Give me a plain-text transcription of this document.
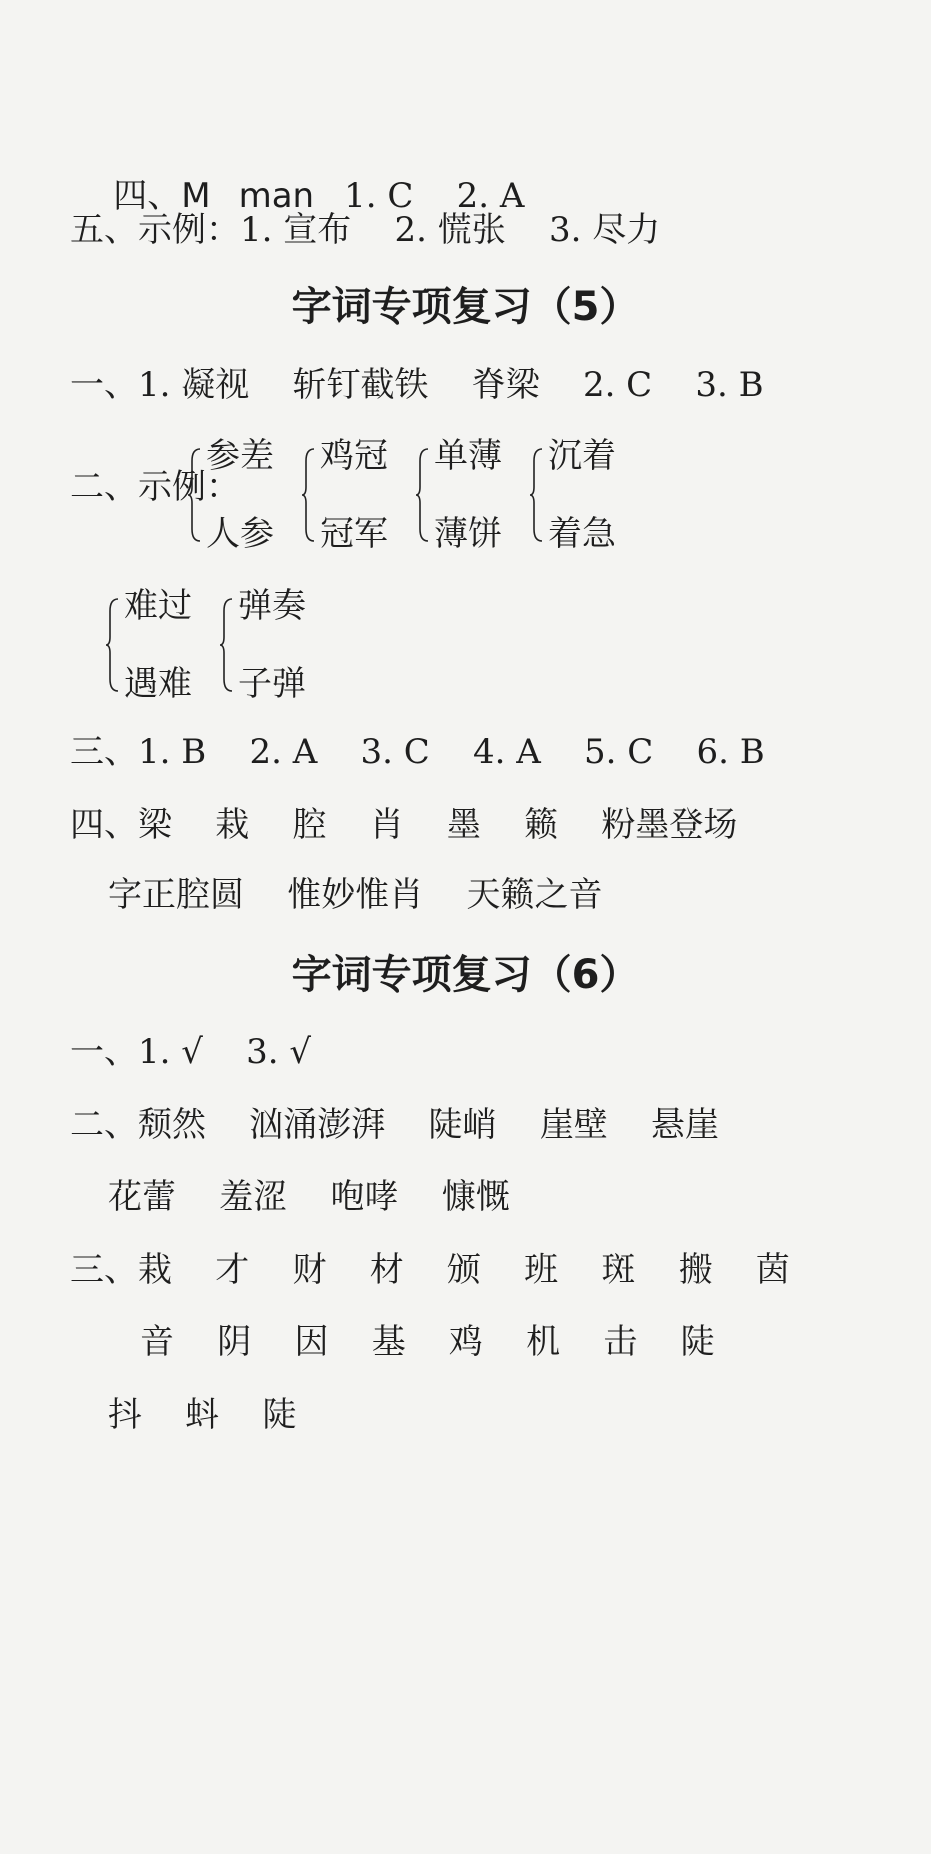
四、M man 1. C    2. A

五、示例：1. 宣布    2. 慌张    3. 尽力
字词专项复习（5）
一、1. 凝视    斩钉截铁    脊梁    2. C    3. B
二、示例：
参差
人参
鸡冠
冠军
单薄
薄饼
沉着
着急
难过
遇难
弹奏
子弹
三、1. B    2. A    3. C    4. A    5. C    6. B
四、梁    栽    腔    肖    墨    籁    粉墨登场
字正腔圆    惟妙惟肖    天籁之音
字词专项复习（6）
一、1. √    3. √
二、颓然    汹涌澎湃    陡峭    崖壁    悬崖
花蕾    羞涩    咆哮    慷慨
三、栽    才    财    材    颁    班    斑    搬    茵
音    阴    因    基    鸡    机    击    陡
抖    蚪    陡
